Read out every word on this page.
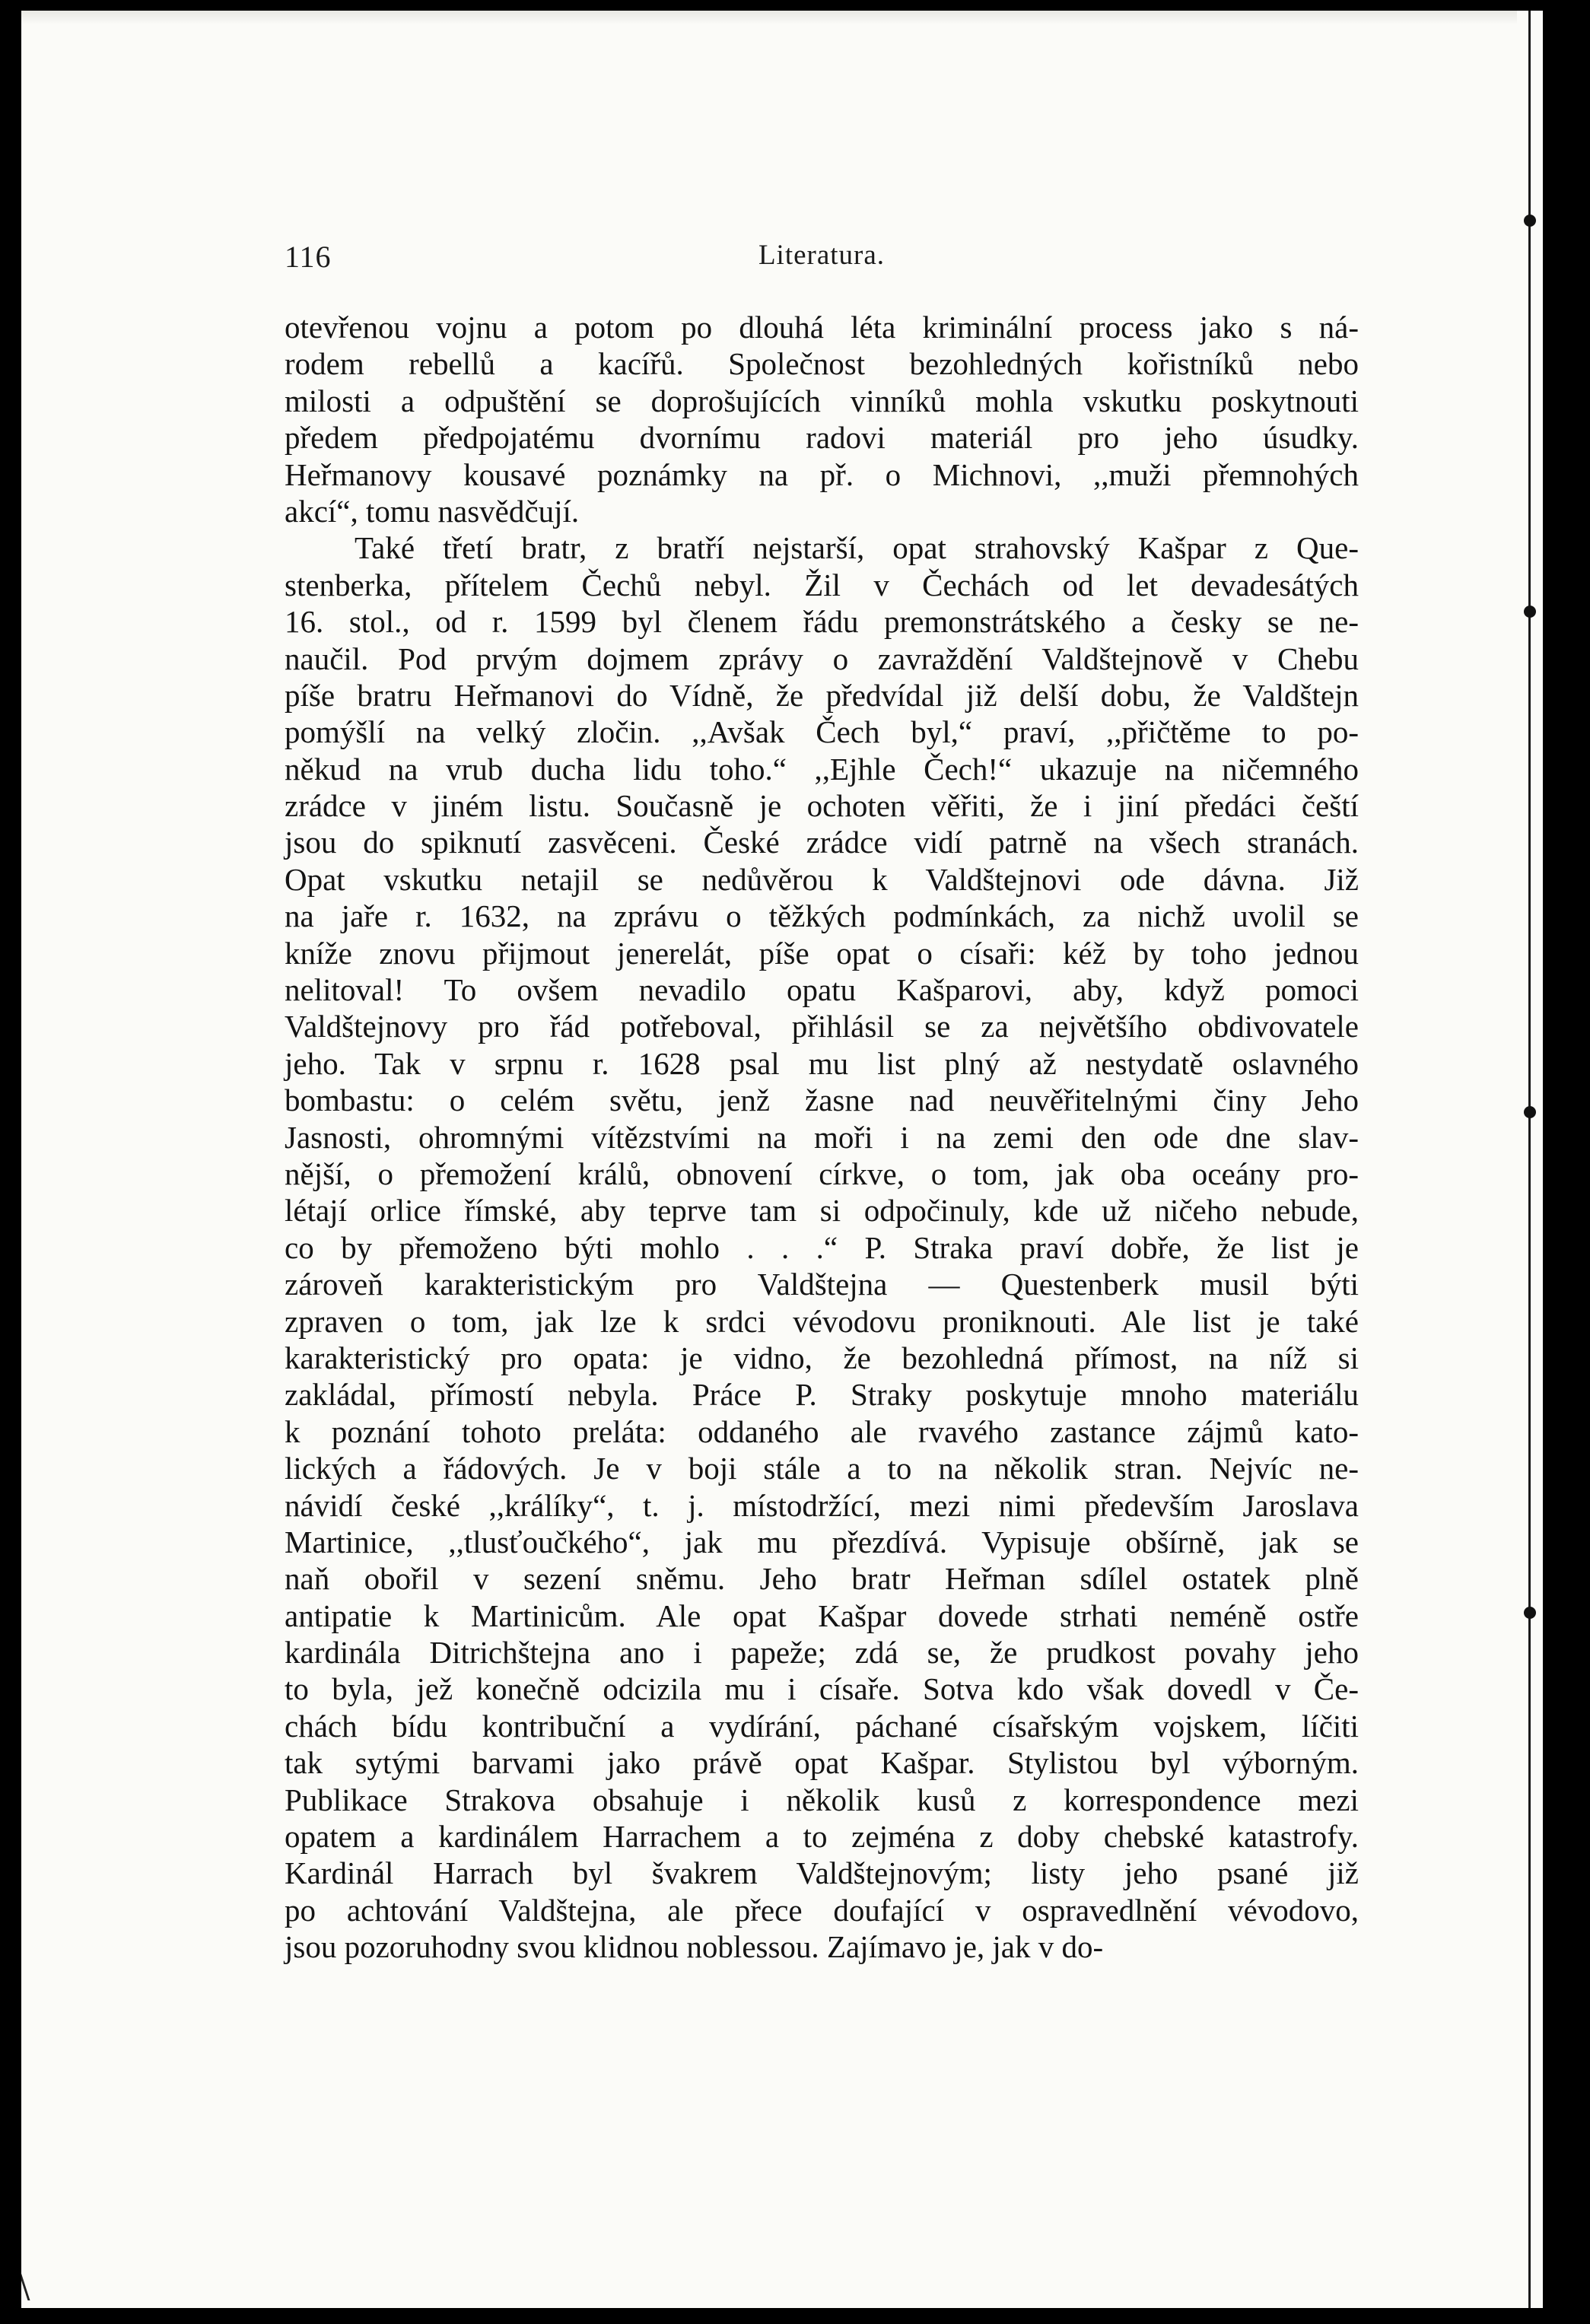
116	Literatura.
otevřenou vojnu a potom po dlouhá léta kriminální process jako s ná-
rodem rebellů a kacířů. Společnost bezohledných kořistníků nebo
milosti a odpuštění se doprošujících vinníků mohla vskutku poskytnouti
předem předpojatému dvornímu radovi materiál pro jeho úsudky.
Heřmanovy kousavé poznámky na př. o Michnovi, ,,muži přemnohých
akcí“, tomu nasvědčují.
Také třetí bratr, z bratří nejstarší, opat strahovský Kašpar z Que-
stenberka, přítelem Čechů nebyl. Žil v Čechách od let devadesátých
16. stol., od r. 1599 byl členem řádu premonstrátského a česky se ne-
naučil. Pod prvým dojmem zprávy o zavraždění Valdštejnově v Chebu
píše bratru Heřmanovi do Vídně, že předvídal již delší dobu, že Valdštejn
pomýšlí na velký zločin. ,,Avšak Čech byl,“ praví, ,,přičtěme to po-
někud na vrub ducha lidu toho.“ ,,Ejhle Čech!“ ukazuje na ničemného
zrádce v jiném listu. Současně je ochoten věřiti, že i jiní předáci čeští
jsou do spiknutí zasvěceni. České zrádce vidí patrně na všech stranách.
Opat vskutku netajil se nedůvěrou k Valdštejnovi ode dávna. Již
na jaře r. 1632, na zprávu o těžkých podmínkách, za nichž uvolil se
kníže znovu přijmout jenerelát, píše opat o císaři: kéž by toho jednou
nelitoval! To ovšem nevadilo opatu Kašparovi, aby, když pomoci
Valdštejnovy pro řád potřeboval, přihlásil se za největšího obdivovatele
jeho. Tak v srpnu r. 1628 psal mu list plný až nestydatě oslavného
bombastu: o celém světu, jenž žasne nad neuvěřitelnými činy Jeho
Jasnosti, ohromnými vítězstvími na moři i na zemi den ode dne slav-
nější, o přemožení králů, obnovení církve, o tom, jak oba oceány pro-
létají orlice římské, aby teprve tam si odpočinuly, kde už ničeho nebude,
co by přemoženo býti mohlo . . .“ P. Straka praví dobře, že list je
zároveň karakteristickým pro Valdštejna — Questenberk musil býti
zpraven o tom, jak lze k srdci vévodovu proniknouti. Ale list je také
karakteristický pro opata: je vidno, že bezohledná přímost, na níž si
zakládal, přímostí nebyla. Práce P. Straky poskytuje mnoho materiálu
k poznání tohoto preláta: oddaného ale rvavého zastance zájmů kato-
lických a řádových. Je v boji stále a to na několik stran. Nejvíc ne-
návidí české ,,králíky“, t. j. místodržící, mezi nimi především Jaroslava
Martinice, ,,tlusťoučkého“, jak mu přezdívá. Vypisuje obšírně, jak se
naň obořil v sezení sněmu. Jeho bratr Heřman sdílel ostatek plně
antipatie k Martinicům. Ale opat Kašpar dovede strhati neméně ostře
kardinála Ditrichštejna ano i papeže; zdá se, že prudkost povahy jeho
to byla, jež konečně odcizila mu i císaře. Sotva kdo však dovedl v Če-
chách bídu kontribuční a vydírání, páchané císařským vojskem, líčiti
tak sytými barvami jako právě opat Kašpar. Stylistou byl výborným.
Publikace Strakova obsahuje i několik kusů z korrespondence mezi
opatem a kardinálem Harrachem a to zejména z doby chebské katastrofy.
Kardinál Harrach byl švakrem Valdštejnovým; listy jeho psané již
po achtování Valdštejna, ale přece doufající v ospravedlnění vévodovo,
jsou pozoruhodny svou klidnou noblessou. Zajímavo je, jak v do-
